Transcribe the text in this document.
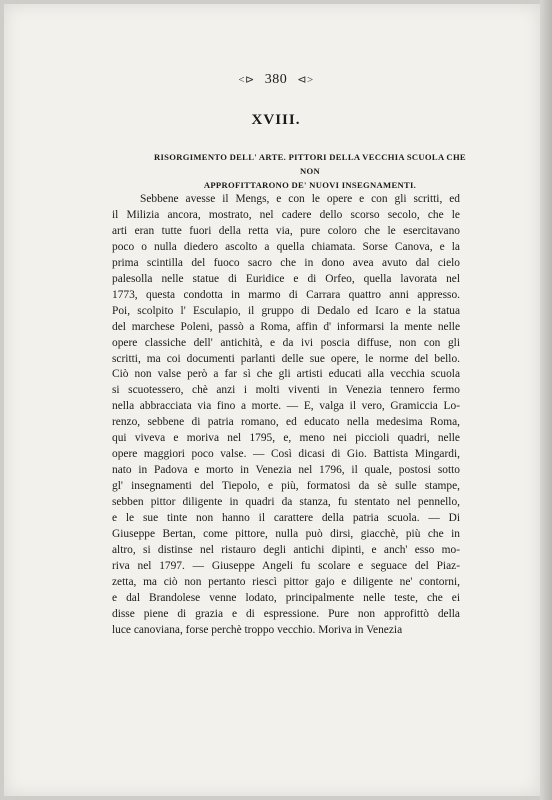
<⊳ 380 ⊲>
XVIII.
RISORGIMENTO DELL' ARTE. PITTORI DELLA VECCHIA SCUOLA CHE NON
APPROFITTARONO DE' NUOVI INSEGNAMENTI.
Sebbene avesse il Mengs, e con le opere e con gli scritti, ed
il Milizia ancora, mostrato, nel cadere dello scorso secolo, che le
arti eran tutte fuori della retta via, pure coloro che le esercitavano
poco o nulla diedero ascolto a quella chiamata. Sorse Canova, e la
prima scintilla del fuoco sacro che in dono avea avuto dal cielo
palesolla nelle statue di Euridice e di Orfeo, quella lavorata nel
1773, questa condotta in marmo di Carrara quattro anni appresso.
Poi, scolpito l' Esculapio, il gruppo di Dedalo ed Icaro e la statua
del marchese Poleni, passò a Roma, affin d' informarsi la mente nelle
opere classiche dell' antichità, e da ivi poscia diffuse, non con gli
scritti, ma coi documenti parlanti delle sue opere, le norme del bello.
Ciò non valse però a far sì che gli artisti educati alla vecchia scuola
si scuotessero, chè anzi i molti viventi in Venezia tennero fermo
nella abbracciata via fino a morte. — E, valga il vero, Gramiccia Lo-
renzo, sebbene di patria romano, ed educato nella medesima Roma,
qui viveva e moriva nel 1795, e, meno nei piccioli quadri, nelle
opere maggiori poco valse. — Così dicasi di Gio. Battista Mingardi,
nato in Padova e morto in Venezia nel 1796, il quale, postosi sotto
gl' insegnamenti del Tiepolo, e più, formatosi da sè sulle stampe,
sebben pittor diligente in quadri da stanza, fu stentato nel pennello,
e le sue tinte non hanno il carattere della patria scuola. — Di
Giuseppe Bertan, come pittore, nulla può dirsi, giacchè, più che in
altro, si distinse nel ristauro degli antichi dipinti, e anch' esso mo-
riva nel 1797. — Giuseppe Angeli fu scolare e seguace del Piaz-
zetta, ma ciò non pertanto riescì pittor gajo e diligente ne' contorni,
e dal Brandolese venne lodato, principalmente nelle teste, che ei
disse piene di grazia e di espressione. Pure non approfittò della
luce canoviana, forse perchè troppo vecchio. Moriva in Venezia
